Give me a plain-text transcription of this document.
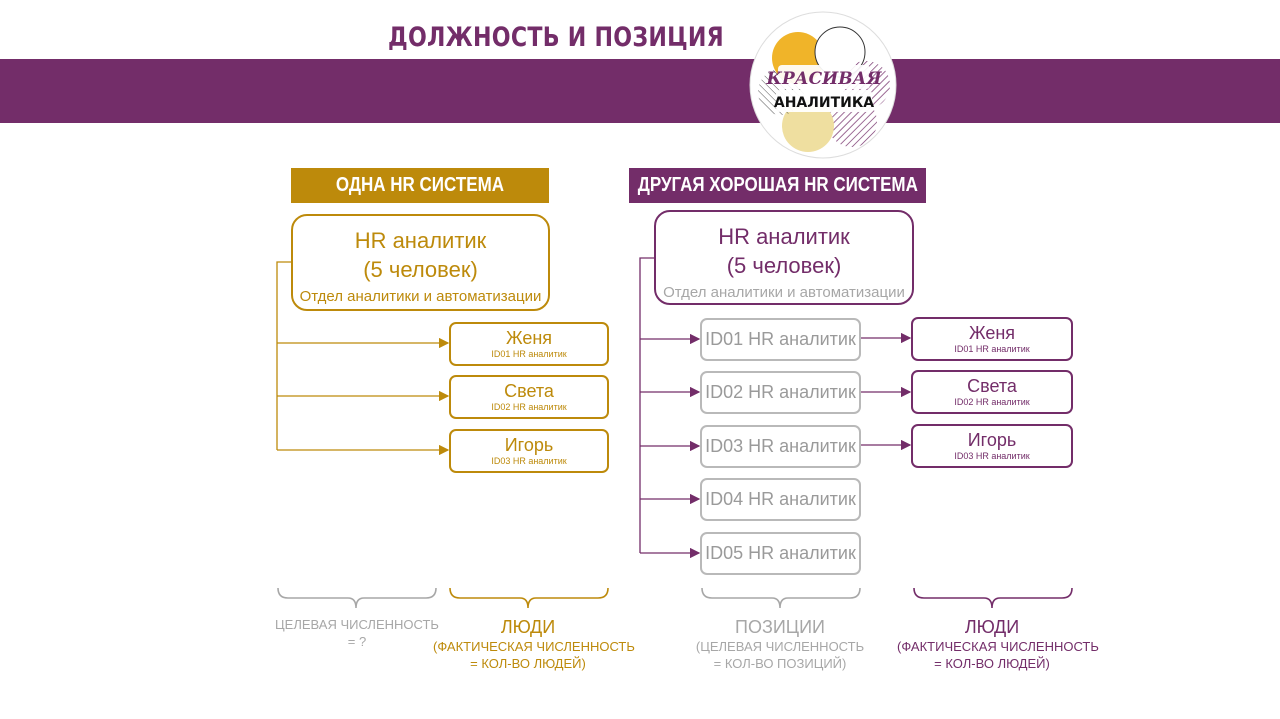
ДОЛЖНОСТЬ И ПОЗИЦИЯ
КРАСИВАЯ
АНАЛИТИКА
ОДНА HR СИСТЕМА	ДРУГАЯ ХОРОШАЯ HR СИСТЕМА
HR аналитик
(5 человек)
Отдел аналитики и автоматизации
HR аналитик
(5 человек)
Отдел аналитики и автоматизации
Женя
ID01 HR аналитик
Света
ID02 HR аналитик
Игорь
ID03 HR аналитик
ID01 HR аналитик
ID02 HR аналитик
ID03 HR аналитик
ID04 HR аналитик
ID05 HR аналитик
Женя
ID01 HR аналитик
Света
ID02 HR аналитик
Игорь
ID03 HR аналитик
ЦЕЛЕВАЯ ЧИСЛЕННОСТЬ
= ?
ЛЮДИ
(ФАКТИЧЕСКАЯ ЧИСЛЕННОСТЬ
= КОЛ-ВО ЛЮДЕЙ)
ПОЗИЦИИ
(ЦЕЛЕВАЯ ЧИСЛЕННОСТЬ
= КОЛ-ВО ПОЗИЦИЙ)
ЛЮДИ
(ФАКТИЧЕСКАЯ ЧИСЛЕННОСТЬ
= КОЛ-ВО ЛЮДЕЙ)
